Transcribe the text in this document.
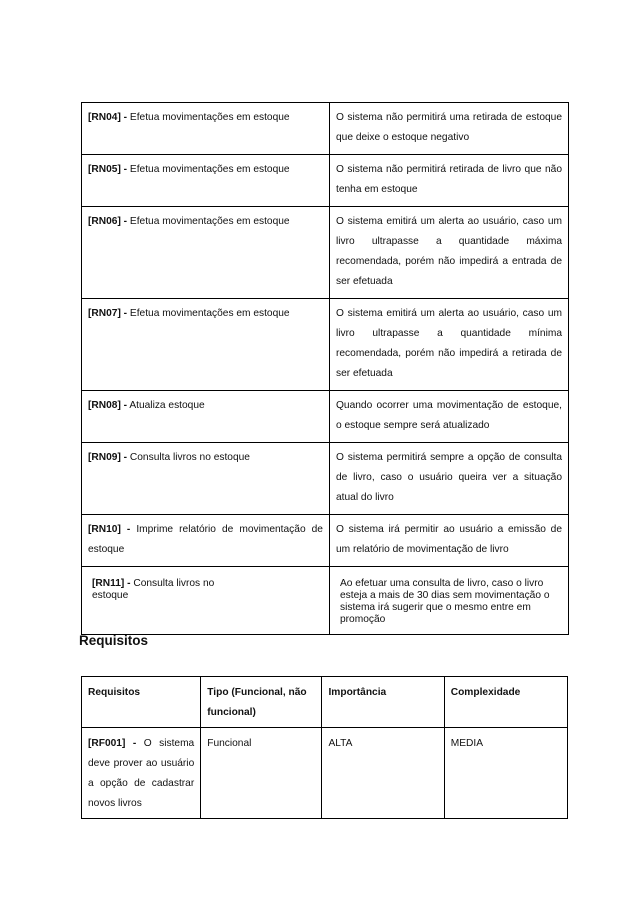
[RN04] - Efetua movimentações em estoque	O sistema não permitirá uma retirada de estoque que deixe o estoque negativo
[RN05] - Efetua movimentações em estoque	O sistema não permitirá retirada de livro que não tenha em estoque
[RN06] - Efetua movimentações em estoque	O sistema emitirá um alerta ao usuário, caso um livro ultrapasse a quantidade máxima recomendada, porém não impedirá a entrada de ser efetuada
[RN07] - Efetua movimentações em estoque	O sistema emitirá um alerta ao usuário, caso um livro ultrapasse a quantidade mínima recomendada, porém não impedirá a retirada de ser efetuada
[RN08] - Atualiza estoque	Quando ocorrer uma movimentação de estoque, o estoque sempre será atualizado
[RN09] - Consulta livros no estoque	O sistema permitirá sempre a opção de consulta de livro, caso o usuário queira ver a situação atual do livro
[RN10] - Imprime relatório de movimentação de estoque	O sistema irá permitir ao usuário a emissão de um relatório de movimentação de livro

[RN11] - Consulta livros no estoque	Ao efetuar uma consulta de livro, caso o livro esteja a mais de 30 dias sem movimentação o sistema irá sugerir que o mesmo entre em promoção
Requisitos
Requisitos	Tipo (Funcional, não funcional)	Importância	Complexidade
[RF001] - O sistema deve prover ao usuário a opção de cadastrar novos livros	Funcional	ALTA	MEDIA
